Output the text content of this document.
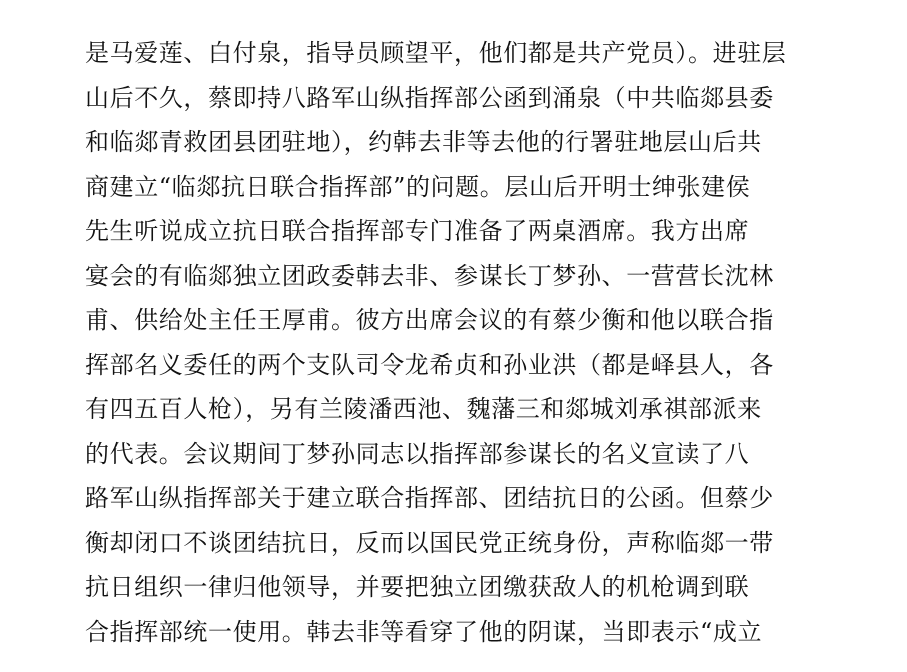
是马爱莲、白付泉，指导员顾望平，他们都是共产党员）。进驻层
山后不久，蔡即持八路军山纵指挥部公函到涌泉（中共临郯县委
和临郯青救团县团驻地），约韩去非等去他的行署驻地层山后共
商建立“临郯抗日联合指挥部”的问题。层山后开明士绅张建侯
先生听说成立抗日联合指挥部专门准备了两桌酒席。我方出席
宴会的有临郯独立团政委韩去非、参谋长丁梦孙、一营营长沈林
甫、供给处主任王厚甫。彼方出席会议的有蔡少衡和他以联合指
挥部名义委任的两个支队司令龙希贞和孙业洪（都是峄县人，各
有四五百人枪），另有兰陵潘西池、魏藩三和郯城刘承祺部派来
的代表。会议期间丁梦孙同志以指挥部参谋长的名义宣读了八
路军山纵指挥部关于建立联合指挥部、团结抗日的公函。但蔡少
衡却闭口不谈团结抗日，反而以国民党正统身份，声称临郯一带
抗日组织一律归他领导，并要把独立团缴获敌人的机枪调到联
合指挥部统一使用。韩去非等看穿了他的阴谋，当即表示“成立
